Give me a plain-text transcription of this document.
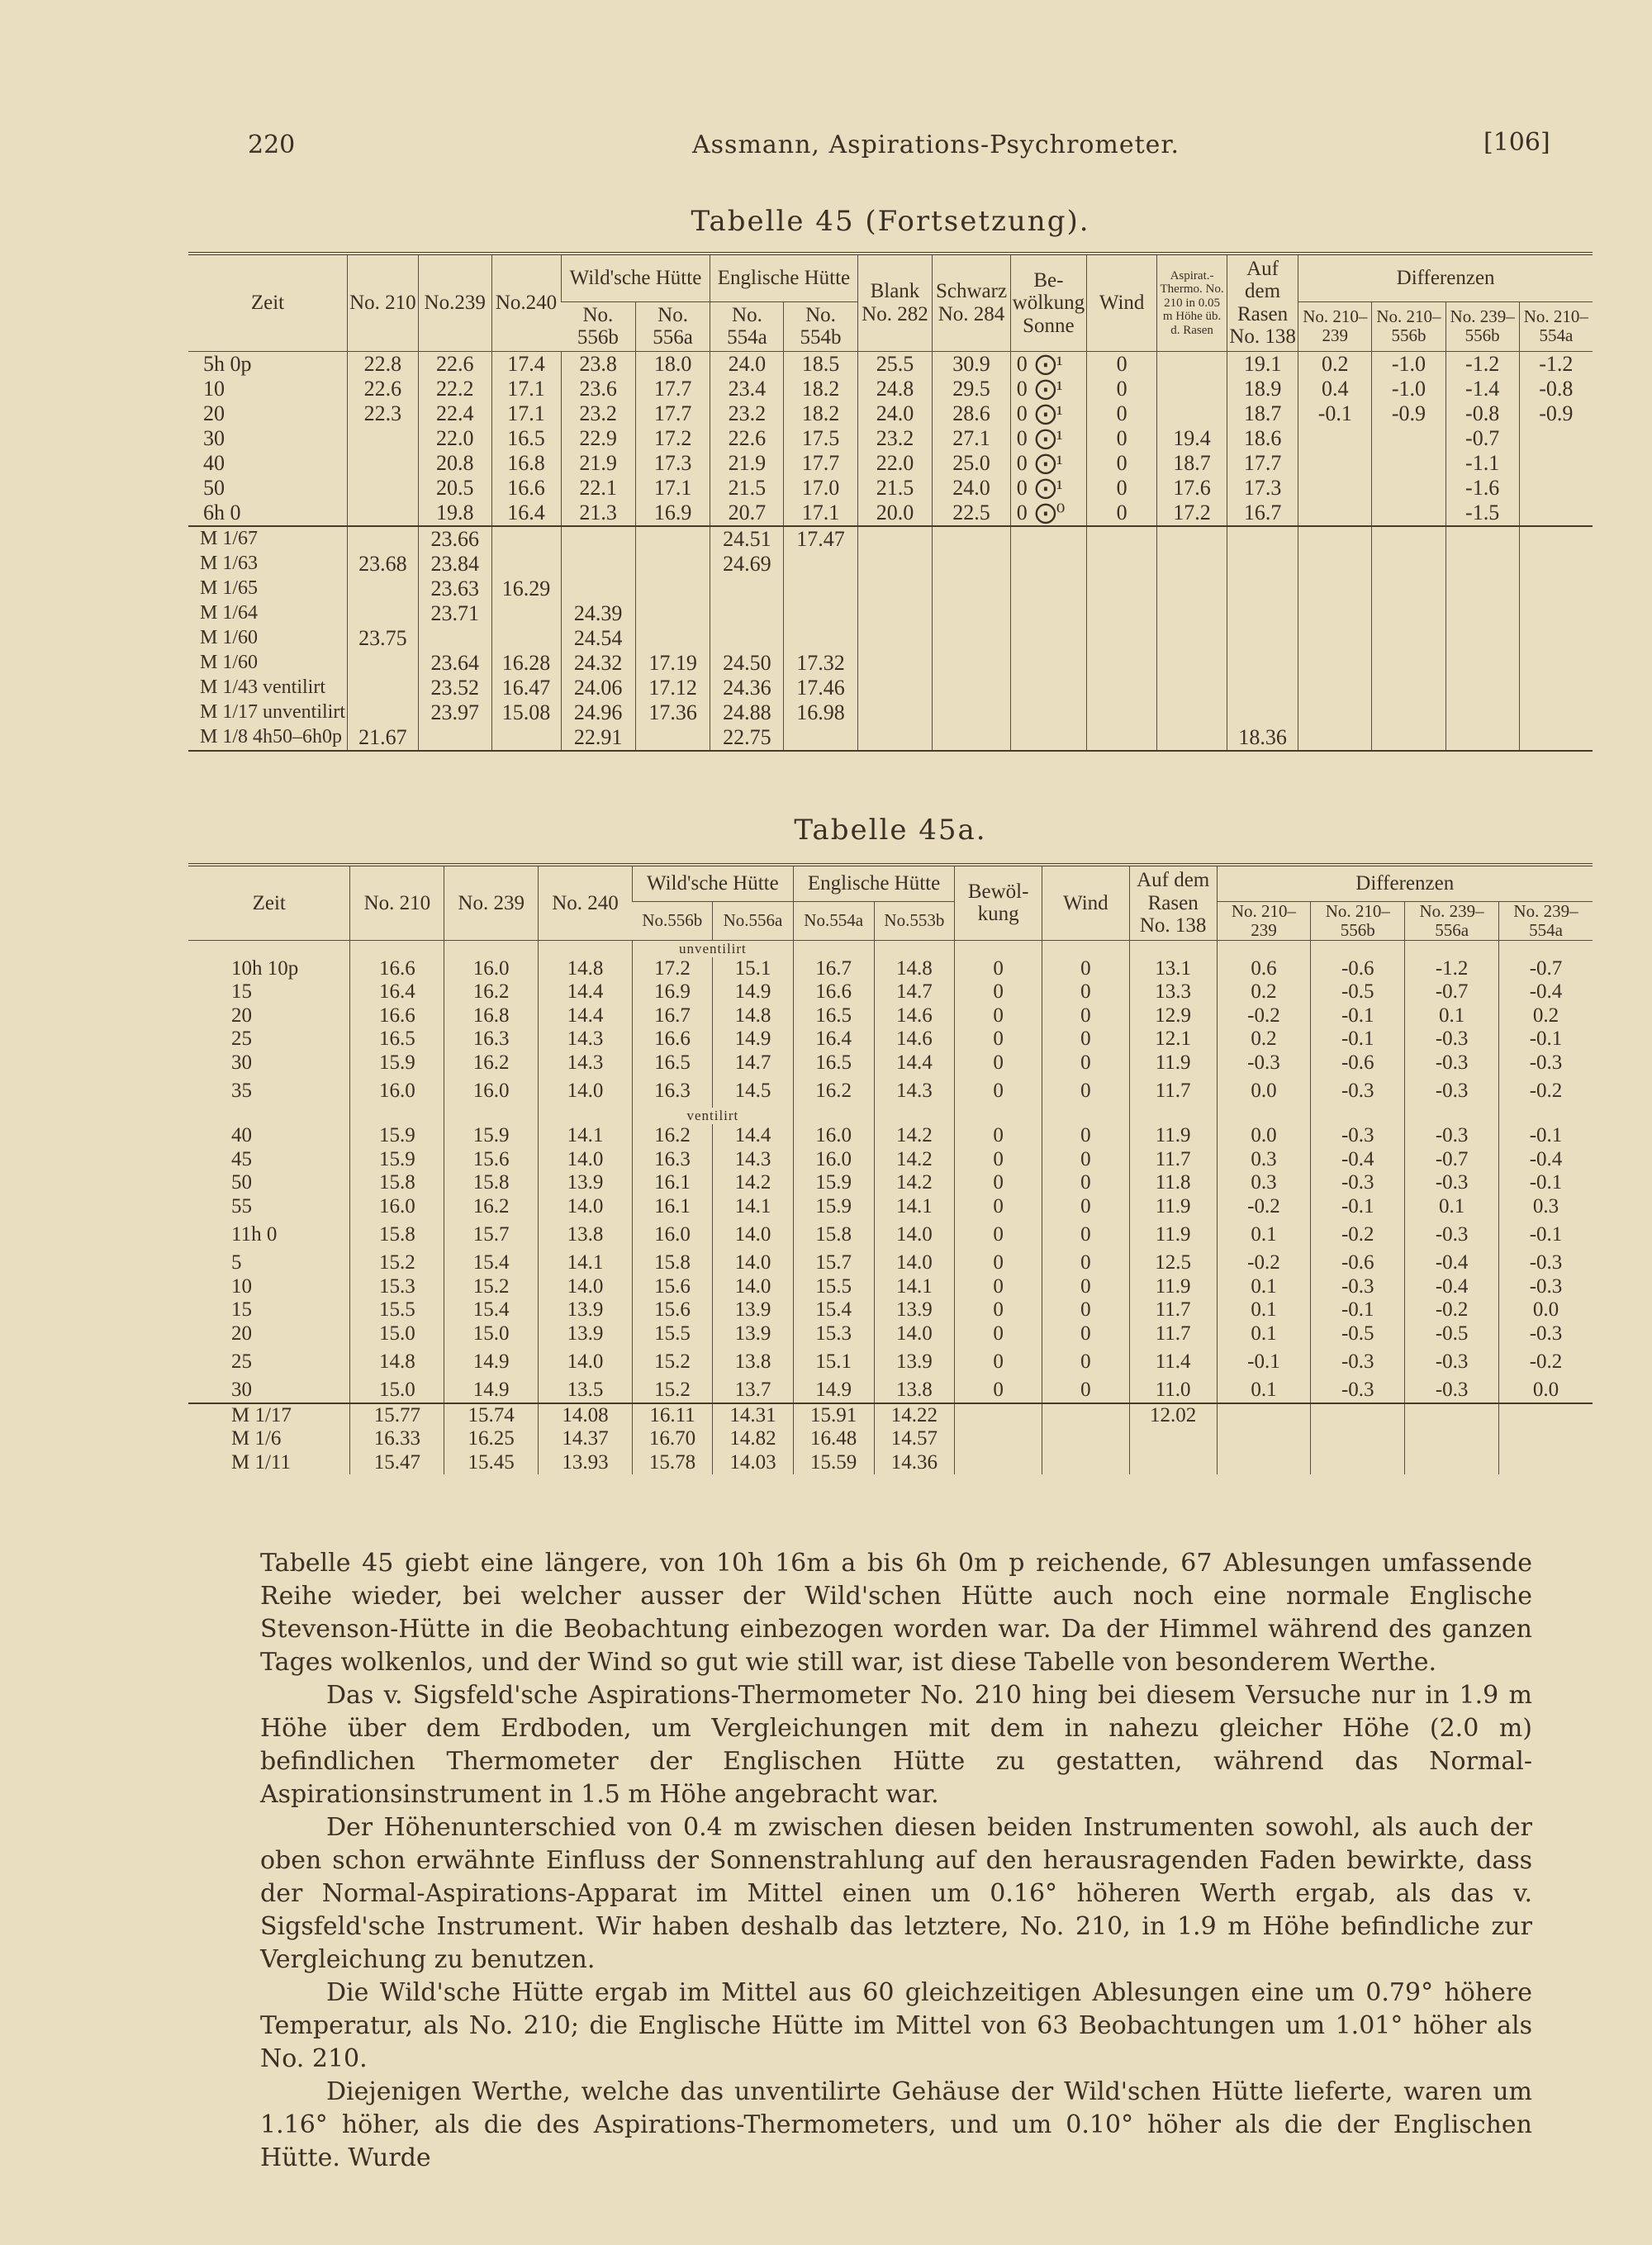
220	Assmann, Aspirations-Psychrometer.	[106]
Tabelle 45 (Fortsetzung).
Zeit	No. 210	No.239	No.240	Wild'sche Hütte		Englische Hütte		Blank No. 282	Schwarz No. 284	Be-wölkung
Sonne		Wind	Aspirat.-Thermo. No. 210 in 0.05 m Höhe üb. d. Rasen	Auf dem Rasen No. 138	Differenzen			
				No. 556b	No. 556a	No. 554a	No. 554b								No. 210–239	No. 210–556b	No. 239–556b	No. 210–554a
5h 0p	22.8	22.6	17.4	23.8	18.0	24.0	18.5	25.5	30.9	0	⨀¹	0		19.1	0.2	-1.0	-1.2	-1.2
10	22.6	22.2	17.1	23.6	17.7	23.4	18.2	24.8	29.5	0	⨀¹	0		18.9	0.4	-1.0	-1.4	-0.8
20	22.3	22.4	17.1	23.2	17.7	23.2	18.2	24.0	28.6	0	⨀¹	0		18.7	-0.1	-0.9	-0.8	-0.9
30		22.0	16.5	22.9	17.2	22.6	17.5	23.2	27.1	0	⨀¹	0	19.4	18.6			-0.7	
40		20.8	16.8	21.9	17.3	21.9	17.7	22.0	25.0	0	⨀¹	0	18.7	17.7			-1.1	
50		20.5	16.6	22.1	17.1	21.5	17.0	21.5	24.0	0	⨀¹	0	17.6	17.3			-1.6	
6h 0		19.8	16.4	21.3	16.9	20.7	17.1	20.0	22.5	0	⨀⁰	0	17.2	16.7			-1.5	
M 1/67		23.66				24.51	17.47											
M 1/63	23.68	23.84				24.69												
M 1/65		23.63	16.29															
M 1/64		23.71		24.39														
M 1/60	23.75			24.54														
M 1/60		23.64	16.28	24.32	17.19	24.50	17.32											
M 1/43 ventilirt		23.52	16.47	24.06	17.12	24.36	17.46											
M 1/17 unventilirt		23.97	15.08	24.96	17.36	24.88	16.98											
M 1/8 4h50–6h0p	21.67			22.91		22.75								18.36				
Tabelle 45a.
Zeit	No. 210	No. 239	No. 240	Wild'sche Hütte		Englische Hütte		Bewöl-kung	Wind	Auf dem Rasen No. 138	Differenzen			
				No.556b	No.556a	No.554a	No.553b				No. 210–239	No. 210–556b	No. 239–556a	No. 239–554a
				unventilirt										
10h 10p	16.6	16.0	14.8	17.2	15.1	16.7	14.8	0	0	13.1	0.6	-0.6	-1.2	-0.7
15	16.4	16.2	14.4	16.9	14.9	16.6	14.7	0	0	13.3	0.2	-0.5	-0.7	-0.4
20	16.6	16.8	14.4	16.7	14.8	16.5	14.6	0	0	12.9	-0.2	-0.1	0.1	0.2
25	16.5	16.3	14.3	16.6	14.9	16.4	14.6	0	0	12.1	0.2	-0.1	-0.3	-0.1
30	15.9	16.2	14.3	16.5	14.7	16.5	14.4	0	0	11.9	-0.3	-0.6	-0.3	-0.3
35	16.0	16.0	14.0	16.3	14.5	16.2	14.3	0	0	11.7	0.0	-0.3	-0.3	-0.2
				ventilirt										
40	15.9	15.9	14.1	16.2	14.4	16.0	14.2	0	0	11.9	0.0	-0.3	-0.3	-0.1
45	15.9	15.6	14.0	16.3	14.3	16.0	14.2	0	0	11.7	0.3	-0.4	-0.7	-0.4
50	15.8	15.8	13.9	16.1	14.2	15.9	14.2	0	0	11.8	0.3	-0.3	-0.3	-0.1
55	16.0	16.2	14.0	16.1	14.1	15.9	14.1	0	0	11.9	-0.2	-0.1	0.1	0.3
11h 0	15.8	15.7	13.8	16.0	14.0	15.8	14.0	0	0	11.9	0.1	-0.2	-0.3	-0.1
5	15.2	15.4	14.1	15.8	14.0	15.7	14.0	0	0	12.5	-0.2	-0.6	-0.4	-0.3
10	15.3	15.2	14.0	15.6	14.0	15.5	14.1	0	0	11.9	0.1	-0.3	-0.4	-0.3
15	15.5	15.4	13.9	15.6	13.9	15.4	13.9	0	0	11.7	0.1	-0.1	-0.2	0.0
20	15.0	15.0	13.9	15.5	13.9	15.3	14.0	0	0	11.7	0.1	-0.5	-0.5	-0.3
25	14.8	14.9	14.0	15.2	13.8	15.1	13.9	0	0	11.4	-0.1	-0.3	-0.3	-0.2
30	15.0	14.9	13.5	15.2	13.7	14.9	13.8	0	0	11.0	0.1	-0.3	-0.3	0.0
M 1/17	15.77	15.74	14.08	16.11	14.31	15.91	14.22			12.02				
M 1/6	16.33	16.25	14.37	16.70	14.82	16.48	14.57							
M 1/11	15.47	15.45	13.93	15.78	14.03	15.59	14.36							

Tabelle 45 giebt eine längere, von 10h 16m a bis 6h 0m p reichende, 67 Ablesungen umfassende Reihe wieder, bei welcher ausser der Wild'schen Hütte auch noch eine normale Englische Stevenson-Hütte in die Beobachtung einbezogen worden war. Da der Himmel während des ganzen Tages wolkenlos, und der Wind so gut wie still war, ist diese Tabelle von besonderem Werthe.

Das v. Sigsfeld'sche Aspirations-Thermometer No. 210 hing bei diesem Versuche nur in 1.9 m Höhe über dem Erdboden, um Vergleichungen mit dem in nahezu gleicher Höhe (2.0 m) befindlichen Thermometer der Englischen Hütte zu gestatten, während das Normal-Aspirationsinstrument in 1.5 m Höhe angebracht war.

Der Höhenunterschied von 0.4 m zwischen diesen beiden Instrumenten sowohl, als auch der oben schon erwähnte Einfluss der Sonnenstrahlung auf den herausragenden Faden bewirkte, dass der Normal-Aspirations-Apparat im Mittel einen um 0.16° höheren Werth ergab, als das v. Sigsfeld'sche Instrument. Wir haben deshalb das letztere, No. 210, in 1.9 m Höhe befindliche zur Vergleichung zu benutzen.

Die Wild'sche Hütte ergab im Mittel aus 60 gleichzeitigen Ablesungen eine um 0.79° höhere Temperatur, als No. 210; die Englische Hütte im Mittel von 63 Beobachtungen um 1.01° höher als No. 210.

Diejenigen Werthe, welche das unventilirte Gehäuse der Wild'schen Hütte lieferte, waren um 1.16° höher, als die des Aspirations-Thermometers, und um 0.10° höher als die der Englischen Hütte. Wurde
